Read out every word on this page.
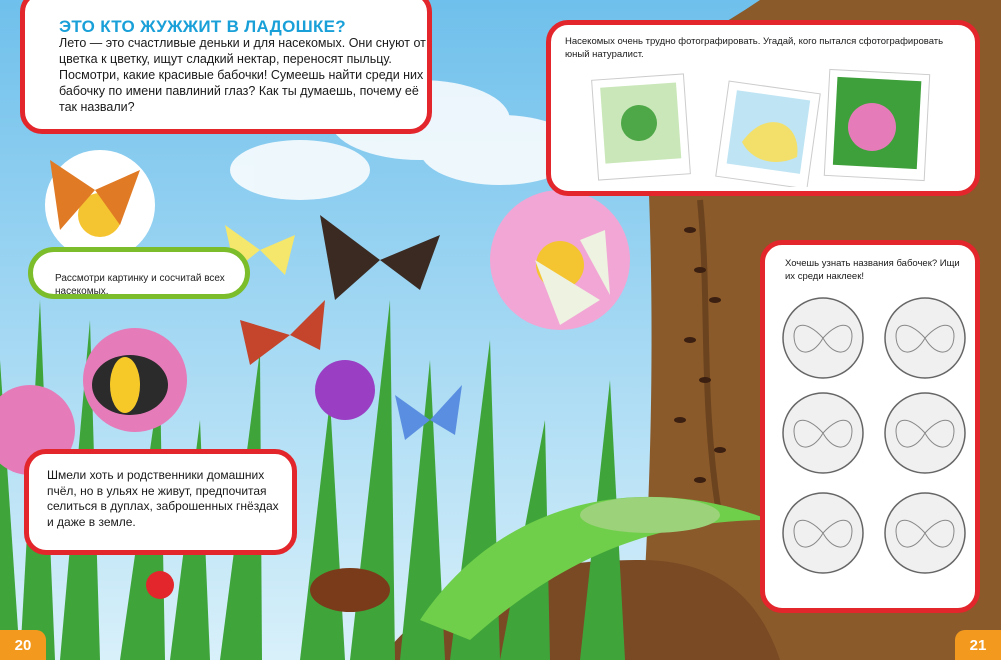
ЭТО КТО ЖУЖЖИТ В ЛАДОШКЕ?

Лето — это счастливые деньки и для насекомых. Они снуют от цветка к цветку, ищут сладкий нектар, переносят пыльцу. Посмотри, какие красивые бабочки! Сумеешь найти среди них бабочку по имени павлиний глаз? Как ты думаешь, почему её так назвали?

Рассмотри картинку и сосчитай всех насекомых.

Шмели хоть и родственники домашних пчёл, но в ульях не живут, предпочитая селиться в дуплах, заброшенных гнёздах и даже в земле.

Насекомых очень трудно фотографировать. Угадай, кого пытался сфотографировать юный натуралист.

Хочешь узнать названия бабочек? Ищи их среди наклеек!

20	21
